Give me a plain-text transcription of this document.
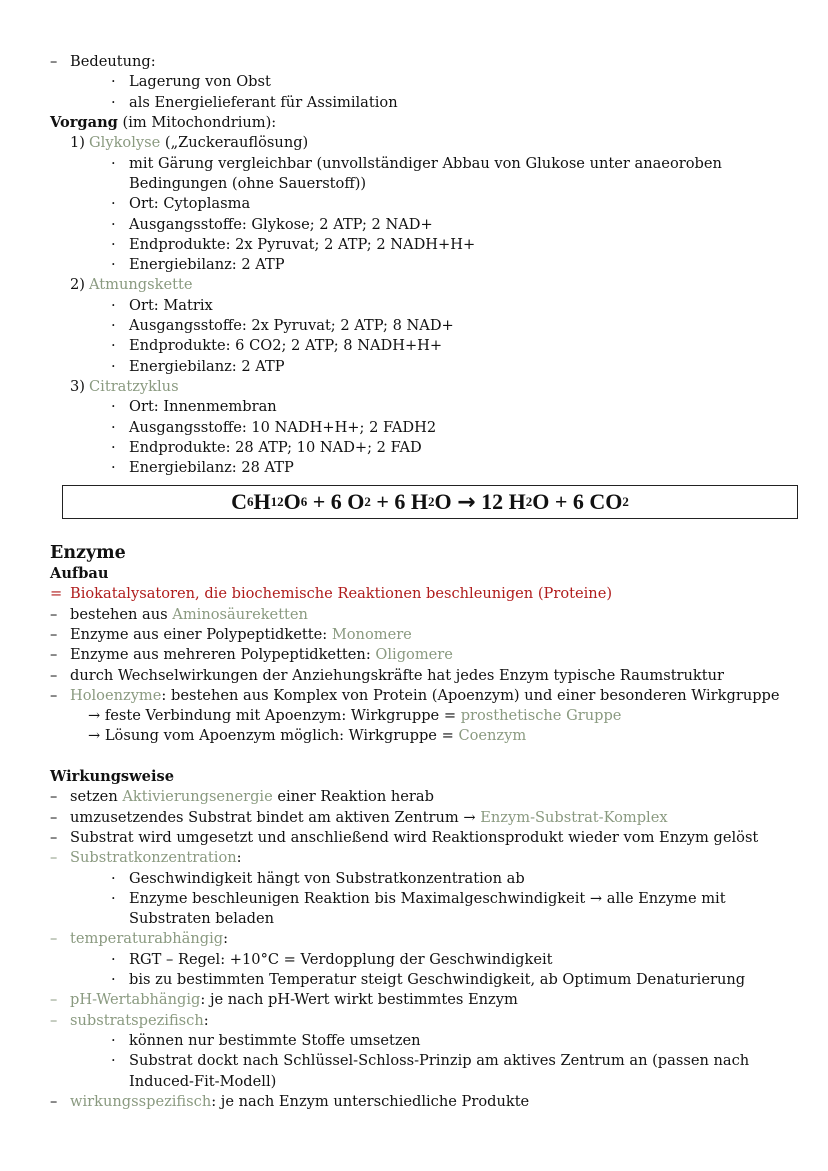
– Bedeutung:
· Lagerung von Obst
· als Energielieferant für Assimilation
Vorgang (im Mitochondrium):
1) Glykolyse („Zuckerauflösung)
· mit Gärung vergleichbar (unvollständiger Abbau von Glukose unter anaeoroben
Bedingungen (ohne Sauerstoff))
· Ort: Cytoplasma
· Ausgangsstoffe: Glykose; 2 ATP; 2 NAD+
· Endprodukte: 2x Pyruvat; 2 ATP; 2 NADH+H+
· Energiebilanz: 2 ATP
2) Atmungskette
· Ort: Matrix
· Ausgangsstoffe: 2x Pyruvat; 2 ATP; 8 NAD+
· Endprodukte: 6 CO2; 2 ATP; 8 NADH+H+
· Energiebilanz: 2 ATP
3) Citratzyklus
· Ort: Innenmembran
· Ausgangsstoffe: 10 NADH+H+; 2 FADH2
· Endprodukte: 28 ATP; 10 NAD+; 2 FAD
· Energiebilanz: 28 ATP
Enzyme
Aufbau
= Biokatalysatoren, die biochemische Reaktionen beschleunigen (Proteine)
– bestehen aus Aminosäureketten
– Enzyme aus einer Polypeptidkette: Monomere
– Enzyme aus mehreren Polypeptidketten: Oligomere
– durch Wechselwirkungen der Anziehungskräfte hat jedes Enzym typische Raumstruktur
– Holoenzyme: bestehen aus Komplex von Protein (Apoenzym) und einer besonderen Wirkgruppe
→ feste Verbindung mit Apoenzym: Wirkgruppe = prosthetische Gruppe
→ Lösung vom Apoenzym möglich: Wirkgruppe = Coenzym
Wirkungsweise
– setzen Aktivierungsenergie einer Reaktion herab
– umzusetzendes Substrat bindet am aktiven Zentrum → Enzym-Substrat-Komplex
– Substrat wird umgesetzt und anschließend wird Reaktionsprodukt wieder vom Enzym gelöst
– Substratkonzentration:
· Geschwindigkeit hängt von Substratkonzentration ab
· Enzyme beschleunigen Reaktion bis Maximalgeschwindigkeit → alle Enzyme mit
Substraten beladen
– temperaturabhängig:
· RGT – Regel: +10°C = Verdopplung der Geschwindigkeit
· bis zu bestimmten Temperatur steigt Geschwindigkeit, ab Optimum Denaturierung
– pH-Wertabhängig: je nach pH-Wert wirkt bestimmtes Enzym
– substratspezifisch:
· können nur bestimmte Stoffe umsetzen
· Substrat dockt nach Schlüssel-Schloss-Prinzip am aktives Zentrum an (passen nach
Induced-Fit-Modell)
– wirkungsspezifisch: je nach Enzym unterschiedliche Produkte
C 6 H 12 O 6 + 6 O 2 + 6 H 2 O → 12 H 2 O + 6 CO 2
